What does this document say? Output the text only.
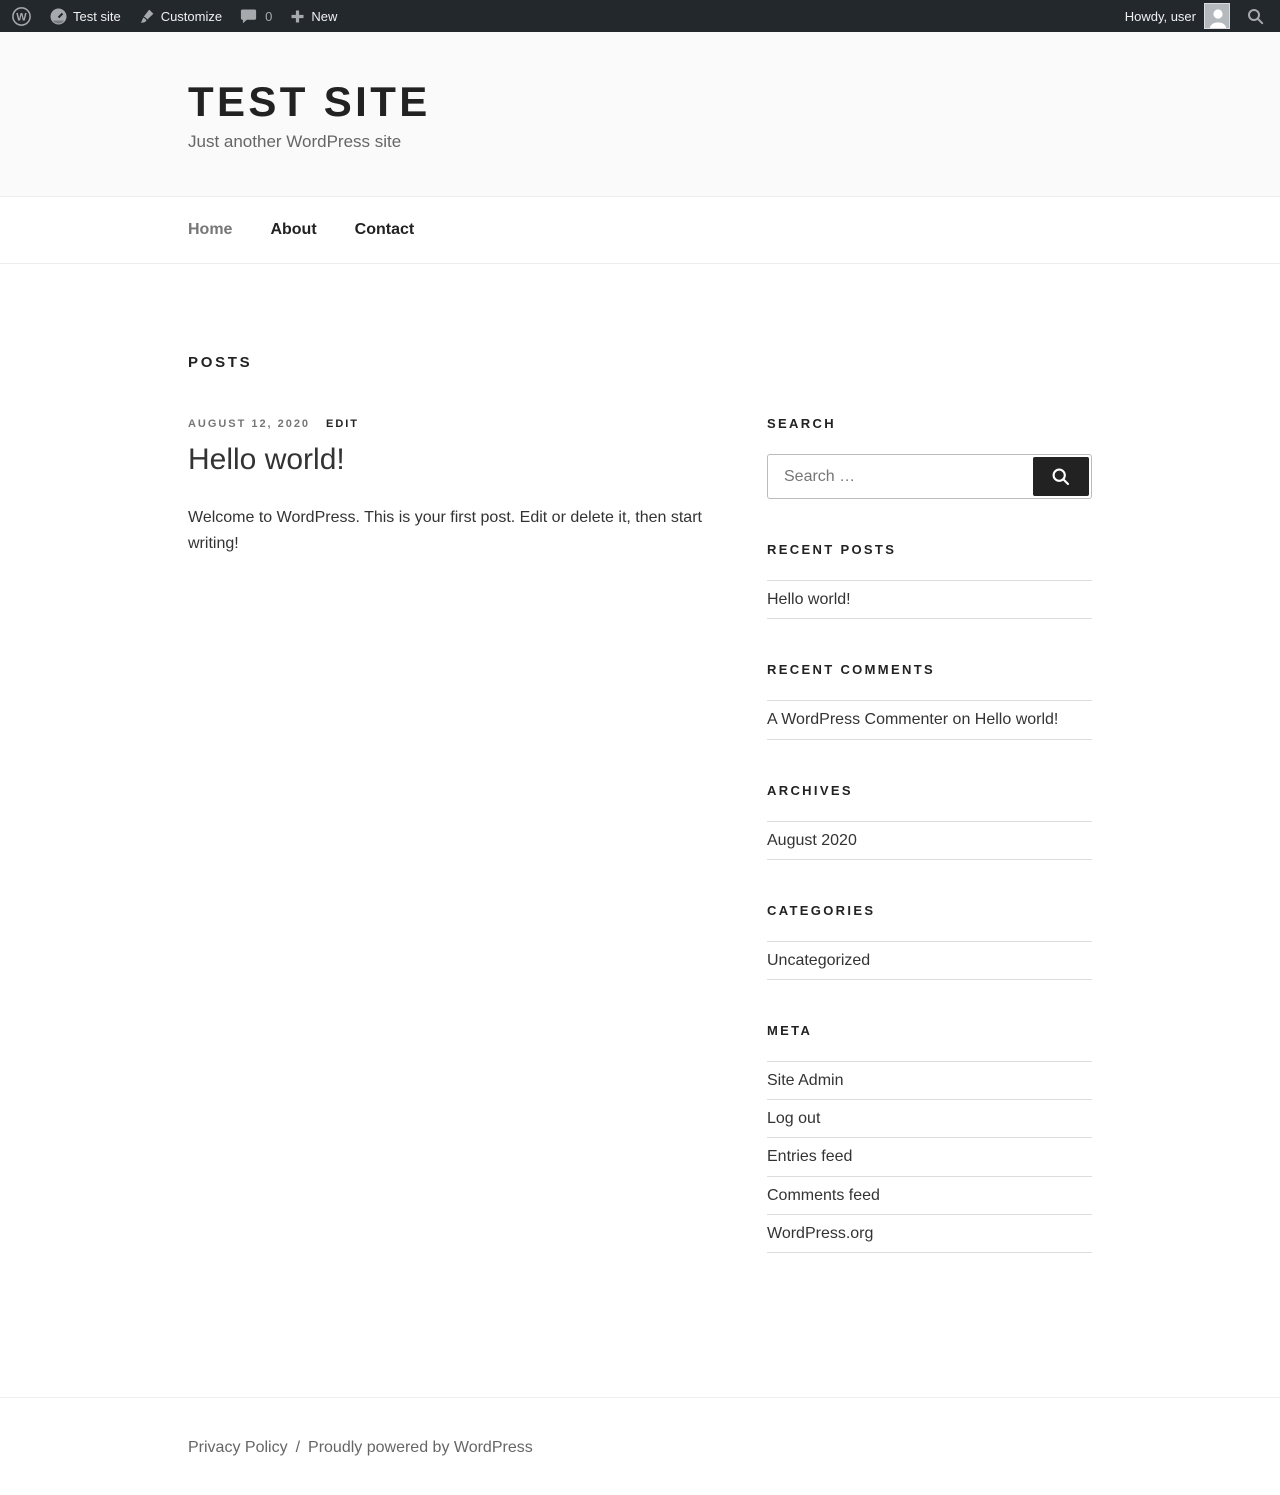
W	Test site	Customize	0	New	Howdy, user
TEST SITE

Just another WordPress site

Home	About	Contact
POSTS
AUGUST 12, 2020 EDIT
Hello world!

Welcome to WordPress. This is your first post. Edit or delete it, then start writing!

SEARCH
Search …
RECENT POSTS
Hello world!
RECENT COMMENTS
A WordPress Commenter on Hello world!
ARCHIVES
August 2020
CATEGORIES
Uncategorized
META
Site Admin
Log out
Entries feed
Comments feed
WordPress.org
Privacy Policy / Proudly powered by WordPress
